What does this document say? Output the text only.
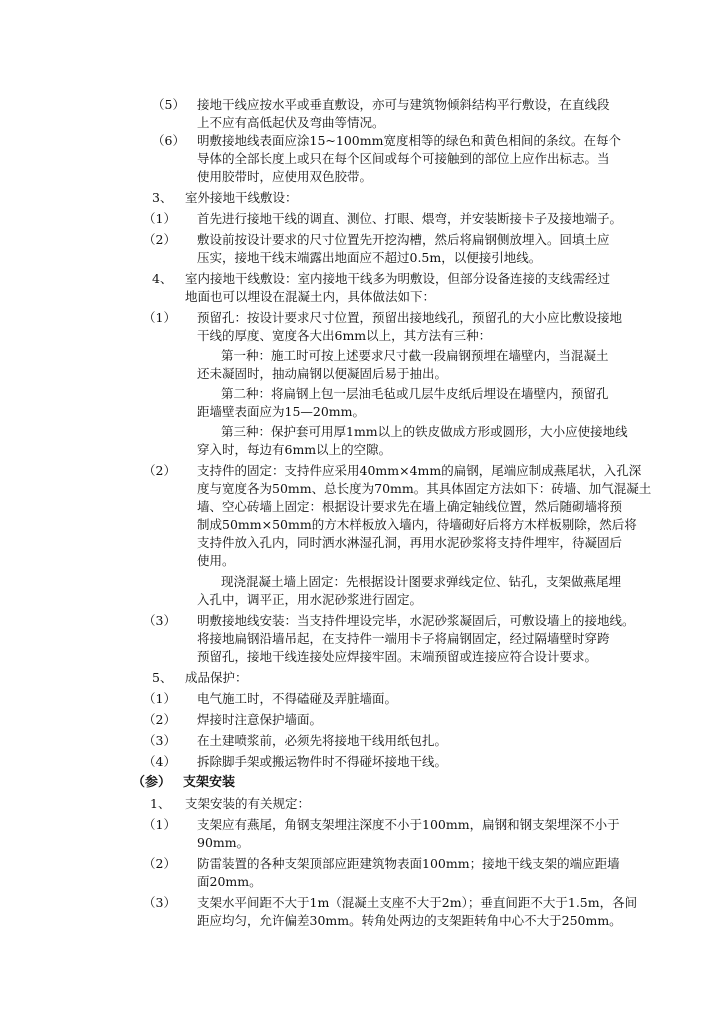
（5） 接地干线应按水平或垂直敷设，亦可与建筑物倾斜结构平行敷设，在直线段
上不应有高低起伏及弯曲等情况。
（6） 明敷接地线表面应涂15~100mm宽度相等的绿色和黄色相间的条纹。在每个
导体的全部长度上或只在每个区间或每个可接触到的部位上应作出标志。当
使用胶带时，应使用双色胶带。
3、 室外接地干线敷设：
（1） 首先进行接地干线的调直、测位、打眼、煨弯，并安装断接卡子及接地端子。
（2） 敷设前按设计要求的尺寸位置先开挖沟槽，然后将扁钢侧放埋入。回填土应
压实，接地干线末端露出地面应不超过0.5m，以便接引地线。
4、 室内接地干线敷设：室内接地干线多为明敷设，但部分设备连接的支线需经过
地面也可以埋设在混凝土内，具体做法如下：
（1） 预留孔：按设计要求尺寸位置，预留出接地线孔，预留孔的大小应比敷设接地
干线的厚度、宽度各大出6mm以上，其方法有三种：
第一种：施工时可按上述要求尺寸截一段扁钢预埋在墙壁内，当混凝土
还未凝固时，抽动扁钢以便凝固后易于抽出。
第二种：将扁钢上包一层油毛毡或几层牛皮纸后埋设在墙壁内，预留孔
距墙壁表面应为15—20mm。
第三种：保护套可用厚1mm以上的铁皮做成方形或圆形，大小应使接地线
穿入时，每边有6mm以上的空隙。
（2） 支持件的固定：支持件应采用40mm×4mm的扁钢，尾端应制成燕尾状，入孔深
度与宽度各为50mm、总长度为70mm。其具体固定方法如下：砖墙、加气混凝土
墙、空心砖墙上固定：根据设计要求先在墙上确定轴线位置，然后随砌墙将预
制成50mm×50mm的方木样板放入墙内，待墙砌好后将方木样板剔除，然后将
支持件放入孔内，同时洒水淋湿孔洞，再用水泥砂浆将支持件埋牢，待凝固后
使用。
现浇混凝土墙上固定：先根据设计图要求弹线定位、钻孔，支架做燕尾埋
入孔中，调平正，用水泥砂浆进行固定。
（3） 明敷接地线安装：当支持件埋设完毕，水泥砂浆凝固后，可敷设墙上的接地线。
将接地扁钢沿墙吊起，在支持件一端用卡子将扁钢固定，经过隔墙壁时穿跨
预留孔，接地干线连接处应焊接牢固。末端预留或连接应符合设计要求。
5、 成品保护：
（1） 电气施工时，不得磕碰及弄脏墙面。
（2） 焊接时注意保护墙面。
（3） 在土建喷浆前，必须先将接地干线用纸包扎。
（4） 拆除脚手架或搬运物件时不得碰坏接地干线。
（参） 支架安装
1、 支架安装的有关规定：
（1） 支架应有燕尾，角钢支架埋注深度不小于100mm，扁钢和钢支架埋深不小于
90mm。
（2） 防雷装置的各种支架顶部应距建筑物表面100mm；接地干线支架的端应距墙
面20mm。
（3） 支架水平间距不大于1m（混凝土支座不大于2m）；垂直间距不大于1.5m，各间
距应均匀，允许偏差30mm。转角处两边的支架距转角中心不大于250mm。
